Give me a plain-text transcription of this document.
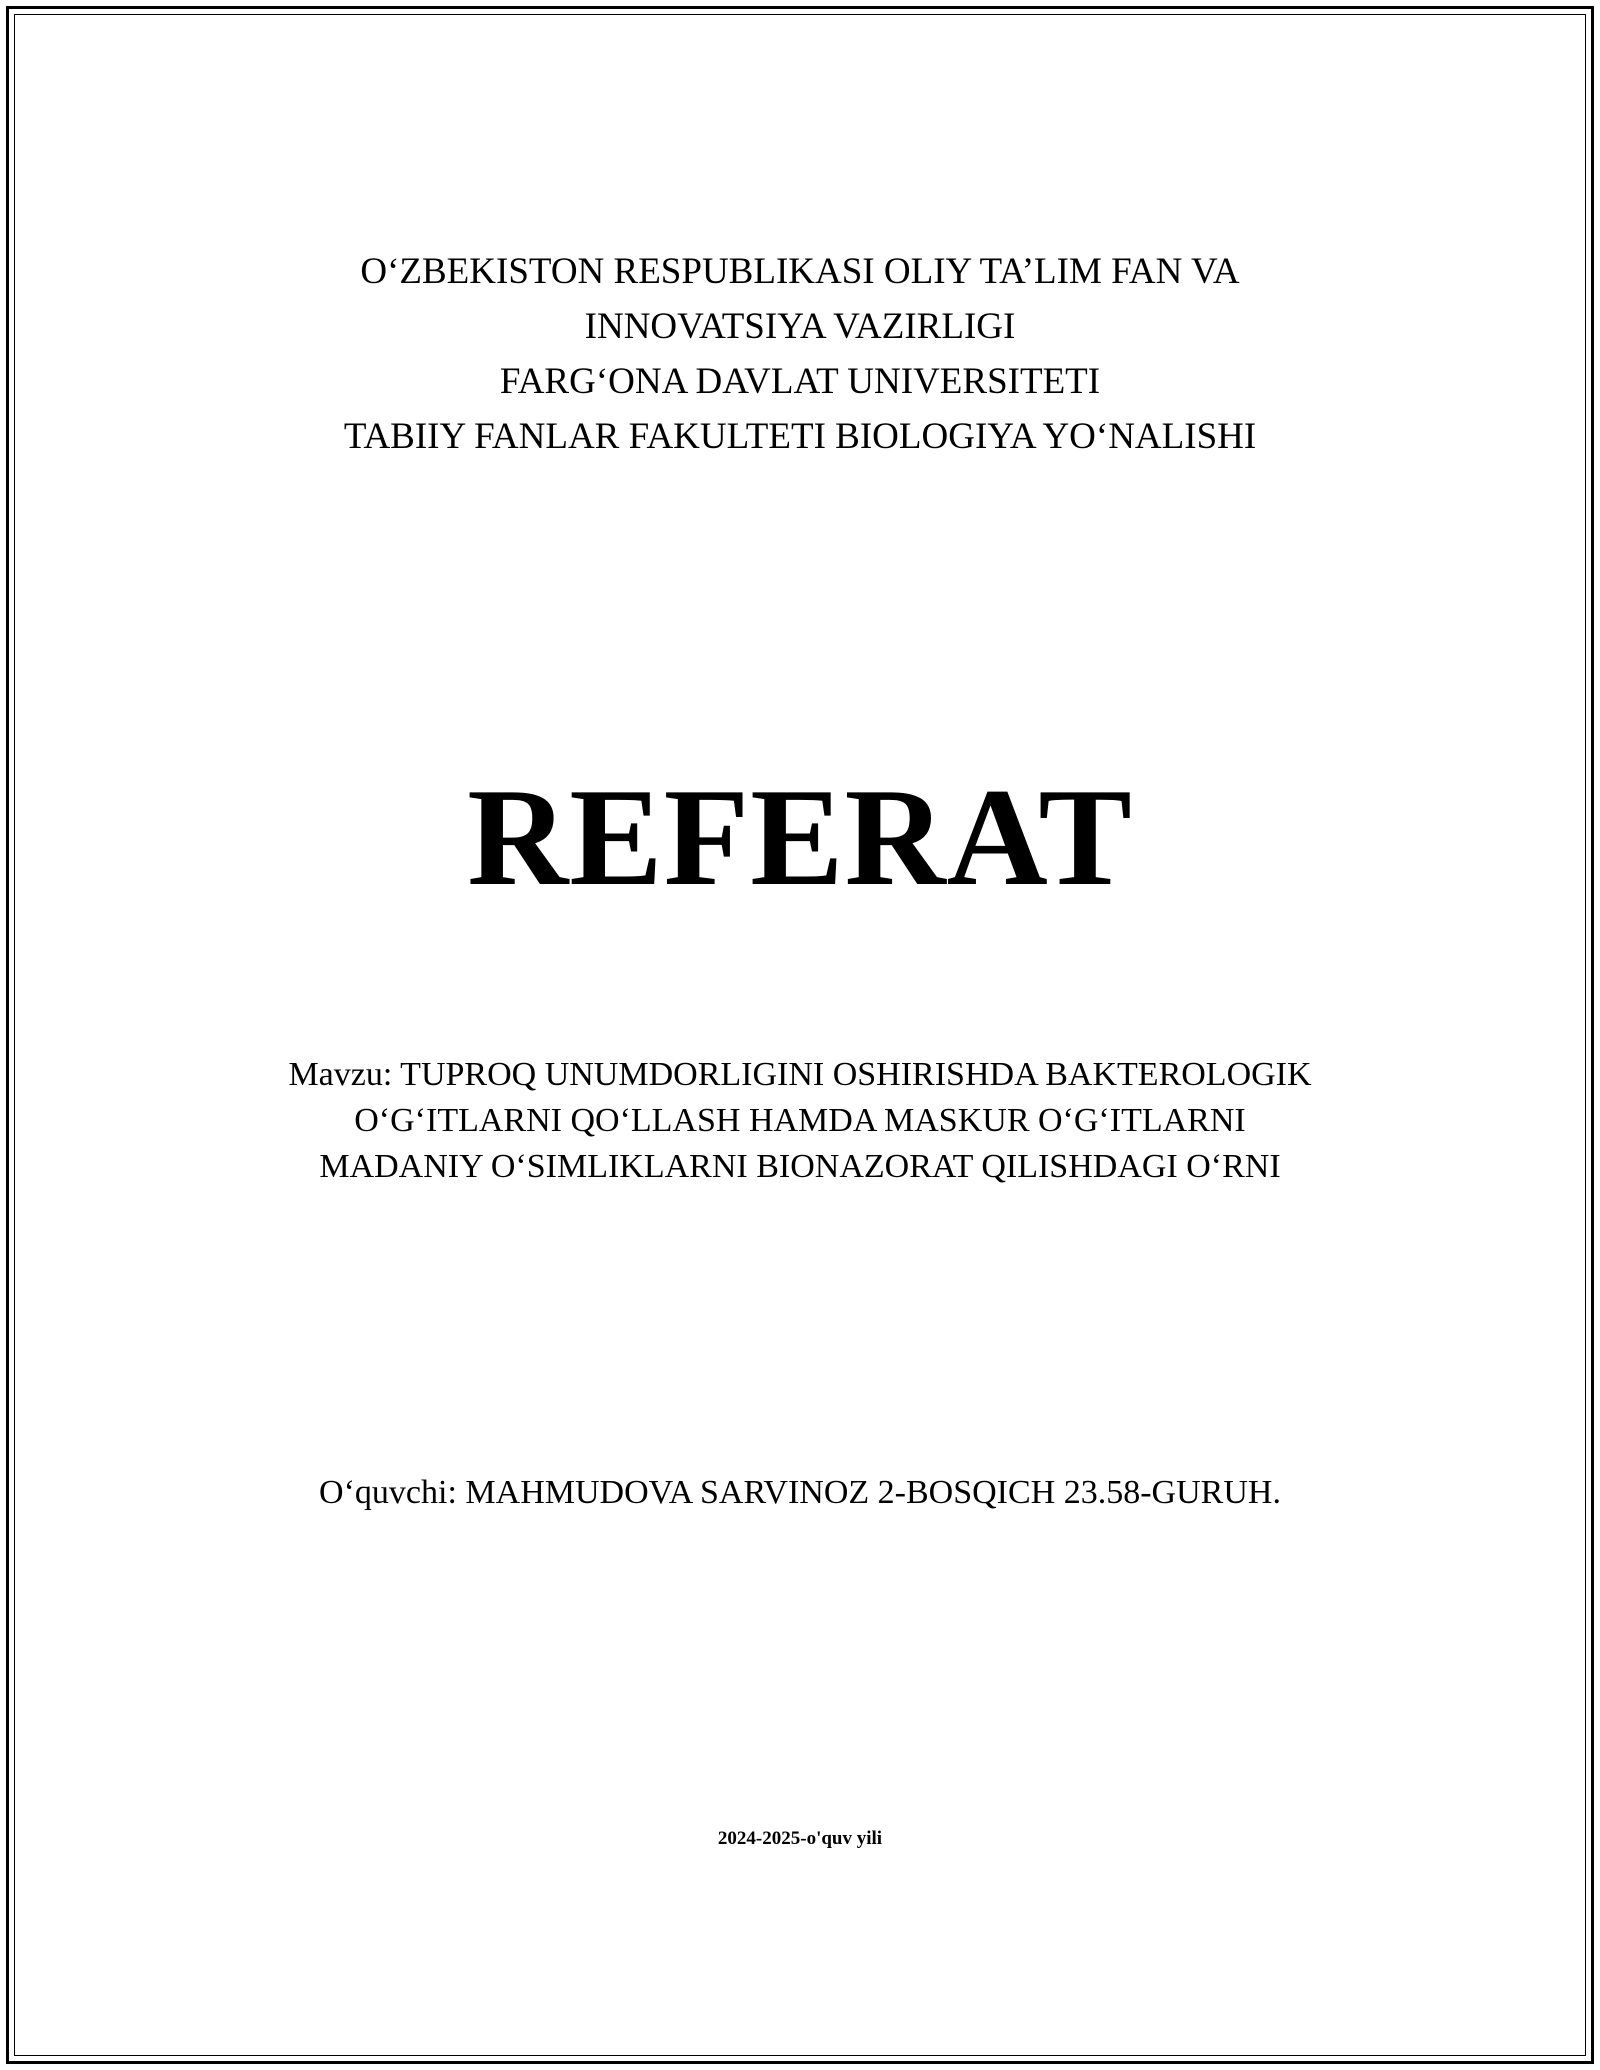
O‘ZBEKISTON RESPUBLIKASI OLIY TA’LIM FAN VA
INNOVATSIYA VAZIRLIGI
FARG‘ONA DAVLAT UNIVERSITETI
TABIIY FANLAR FAKULTETI BIOLOGIYA YO‘NALISHI
REFERAT
Mavzu: TUPROQ UNUMDORLIGINI OSHIRISHDA BAKTEROLOGIK
O‘G‘ITLARNI QO‘LLASH HAMDA MASKUR O‘G‘ITLARNI
MADANIY O‘SIMLIKLARNI BIONAZORAT QILISHDAGI O‘RNI
O‘quvchi: MAHMUDOVA SARVINOZ 2-BOSQICH 23.58-GURUH.
2024-2025-o'quv yili
